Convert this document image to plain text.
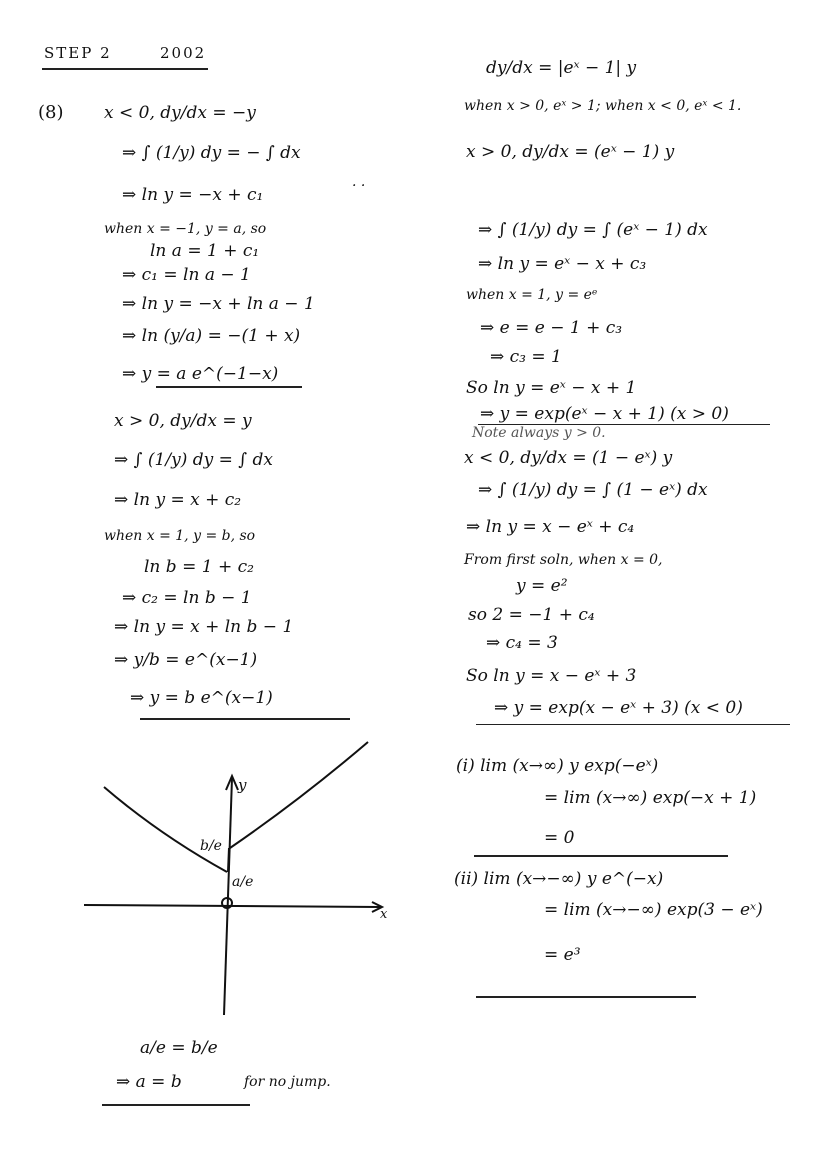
STEP 2	2002
(8) x < 0, dy/dx = −y
⇒ ∫ (1/y) dy = − ∫ dx
⇒ ln y = −x + c₁
when x = −1, y = a, so
ln a = 1 + c₁
⇒ c₁ = ln a − 1
⇒ ln y = −x + ln a − 1
⇒ ln (y/a) = −(1 + x)
⇒ y = a e^(−1−x)
x > 0, dy/dx = y
⇒ ∫ (1/y) dy = ∫ dx
⇒ ln y = x + c₂
when x = 1, y = b, so
ln b = 1 + c₂
⇒ c₂ = ln b − 1
⇒ ln y = x + ln b − 1
⇒ y/b = e^(x−1)
⇒ y = b e^(x−1)
y
x
b/e
a/e
a/e = b/e
⇒ a = b	for no jump.
dy/dx = |eˣ − 1| y
when x > 0, eˣ > 1; when x < 0, eˣ < 1.
x > 0, dy/dx = (eˣ − 1) y
⇒ ∫ (1/y) dy = ∫ (eˣ − 1) dx
⇒ ln y = eˣ − x + c₃
when x = 1, y = eᵉ
⇒ e = e − 1 + c₃
⇒ c₃ = 1
So ln y = eˣ − x + 1
⇒ y = exp(eˣ − x + 1) (x > 0)
Note always y > 0.
x < 0, dy/dx = (1 − eˣ) y
⇒ ∫ (1/y) dy = ∫ (1 − eˣ) dx
⇒ ln y = x − eˣ + c₄
From first soln, when x = 0,
y = e²
so 2 = −1 + c₄
⇒ c₄ = 3
So ln y = x − eˣ + 3
⇒ y = exp(x − eˣ + 3) (x < 0)
(i) lim (x→∞) y exp(−eˣ)
= lim (x→∞) exp(−x + 1)
= 0
(ii) lim (x→−∞) y e^(−x)
= lim (x→−∞) exp(3 − eˣ)
= e³
· ·
